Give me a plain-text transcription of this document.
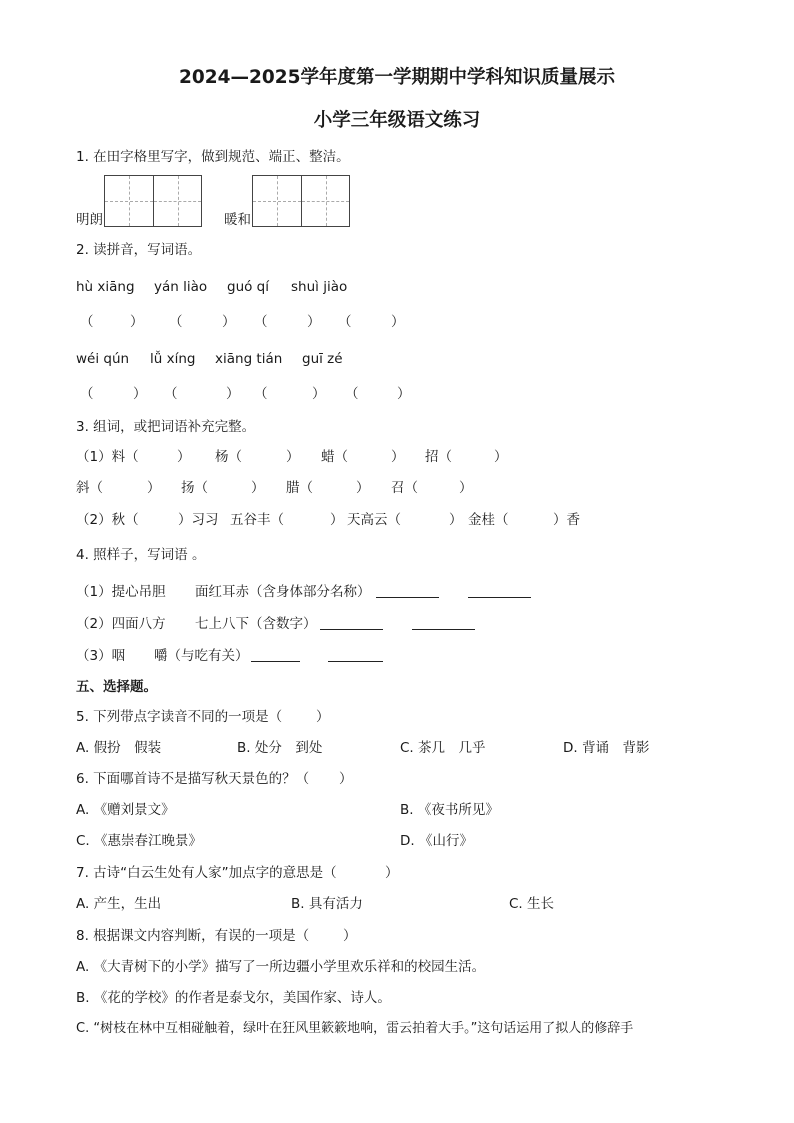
2024—2025学年度第一学期期中学科知识质量展示
小学三年级语文练习
1. 在田字格里写字，做到规范、端正、整洁。
明朗	暖和
2. 读拼音，写词语。
hù xiāng yán liào guó qí shuì jiào
（	） （	） （	） （	）
wéi qún lǚ xíng xiāng tián guī zé
（	） （	） （	） （	）
3. 组词，或把词语补充完整。
（1）料（	） 杨（	） 蜡（	） 招（	）
斜（	） 扬（	） 腊（	） 召（	）
（2）秋（	）习习 五谷丰（	） 天高云（	） 金桂（	）香
4. 照样子，写词语 。
（1）提心吊胆 面红耳赤（含身体部分名称）
（2）四面八方 七上八下（含数字）
（3）咽 嚼（与吃有关）
五、选择题。
5. 下列带点字读音不同的一项是（	）
A. 假扮　假装	B. 处分　到处	C. 茶几　几乎	D. 背诵　背影
6. 下面哪首诗不是描写秋天景色的？（ ）
A. 《赠刘景文》	B. 《夜书所见》
C. 《惠崇春江晚景》	D. 《山行》
7. 古诗“白云生处有人家”加点字的意思是（	）
A. 产生，生出	B. 具有活力	C. 生长
8. 根据课文内容判断，有误的一项是（	）
A. 《大青树下的小学》描写了一所边疆小学里欢乐祥和的校园生活。
B. 《花的学校》的作者是泰戈尔，美国作家、诗人。
C. “树枝在林中互相碰触着，绿叶在狂风里簌簌地响，雷云拍着大手。”这句话运用了拟人的修辞手
